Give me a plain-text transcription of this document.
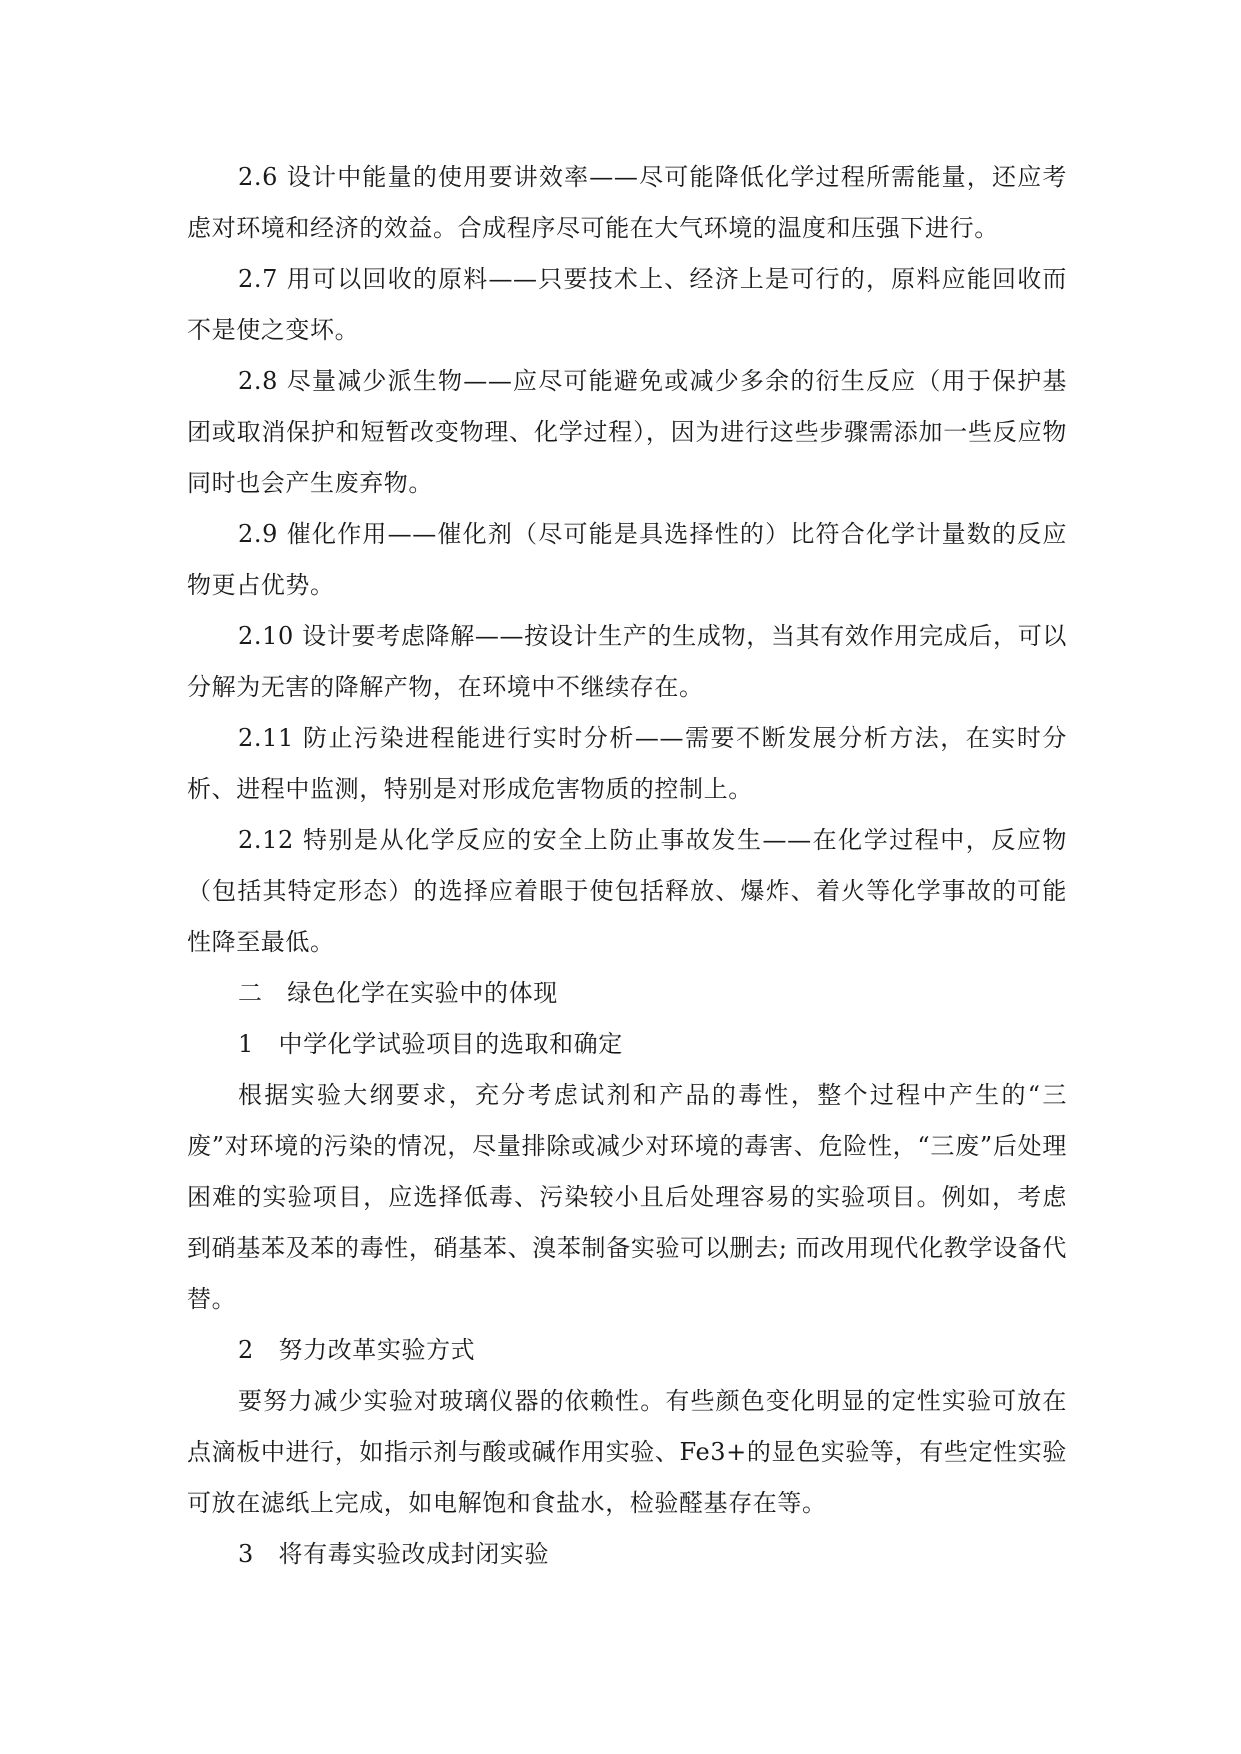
2.6 设计中能量的使用要讲效率——尽可能降低化学过程所需能量，还应考虑对环境和经济的效益。合成程序尽可能在大气环境的温度和压强下进行。

2.7 用可以回收的原料——只要技术上、经济上是可行的，原料应能回收而不是使之变坏。

2.8 尽量减少派生物——应尽可能避免或减少多余的衍生反应（用于保护基团或取消保护和短暂改变物理、化学过程），因为进行这些步骤需添加一些反应物同时也会产生废弃物。

2.9 催化作用——催化剂（尽可能是具选择性的）比符合化学计量数的反应物更占优势。

2.10 设计要考虑降解——按设计生产的生成物，当其有效作用完成后，可以分解为无害的降解产物，在环境中不继续存在。

2.11 防止污染进程能进行实时分析——需要不断发展分析方法，在实时分析、进程中监测，特别是对形成危害物质的控制上。

2.12 特别是从化学反应的安全上防止事故发生——在化学过程中，反应物（包括其特定形态）的选择应着眼于使包括释放、爆炸、着火等化学事故的可能性降至最低。

二　绿色化学在实验中的体现

1　中学化学试验项目的选取和确定

根据实验大纲要求，充分考虑试剂和产品的毒性，整个过程中产生的“三废”对环境的污染的情况，尽量排除或减少对环境的毒害、危险性，“三废”后处理困难的实验项目，应选择低毒、污染较小且后处理容易的实验项目。例如，考虑到硝基苯及苯的毒性，硝基苯、溴苯制备实验可以删去; 而改用现代化教学设备代替。

2　努力改革实验方式

要努力减少实验对玻璃仪器的依赖性。有些颜色变化明显的定性实验可放在点滴板中进行，如指示剂与酸或碱作用实验、Fe3+的显色实验等，有些定性实验可放在滤纸上完成，如电解饱和食盐水，检验醛基存在等。

3　将有毒实验改成封闭实验
